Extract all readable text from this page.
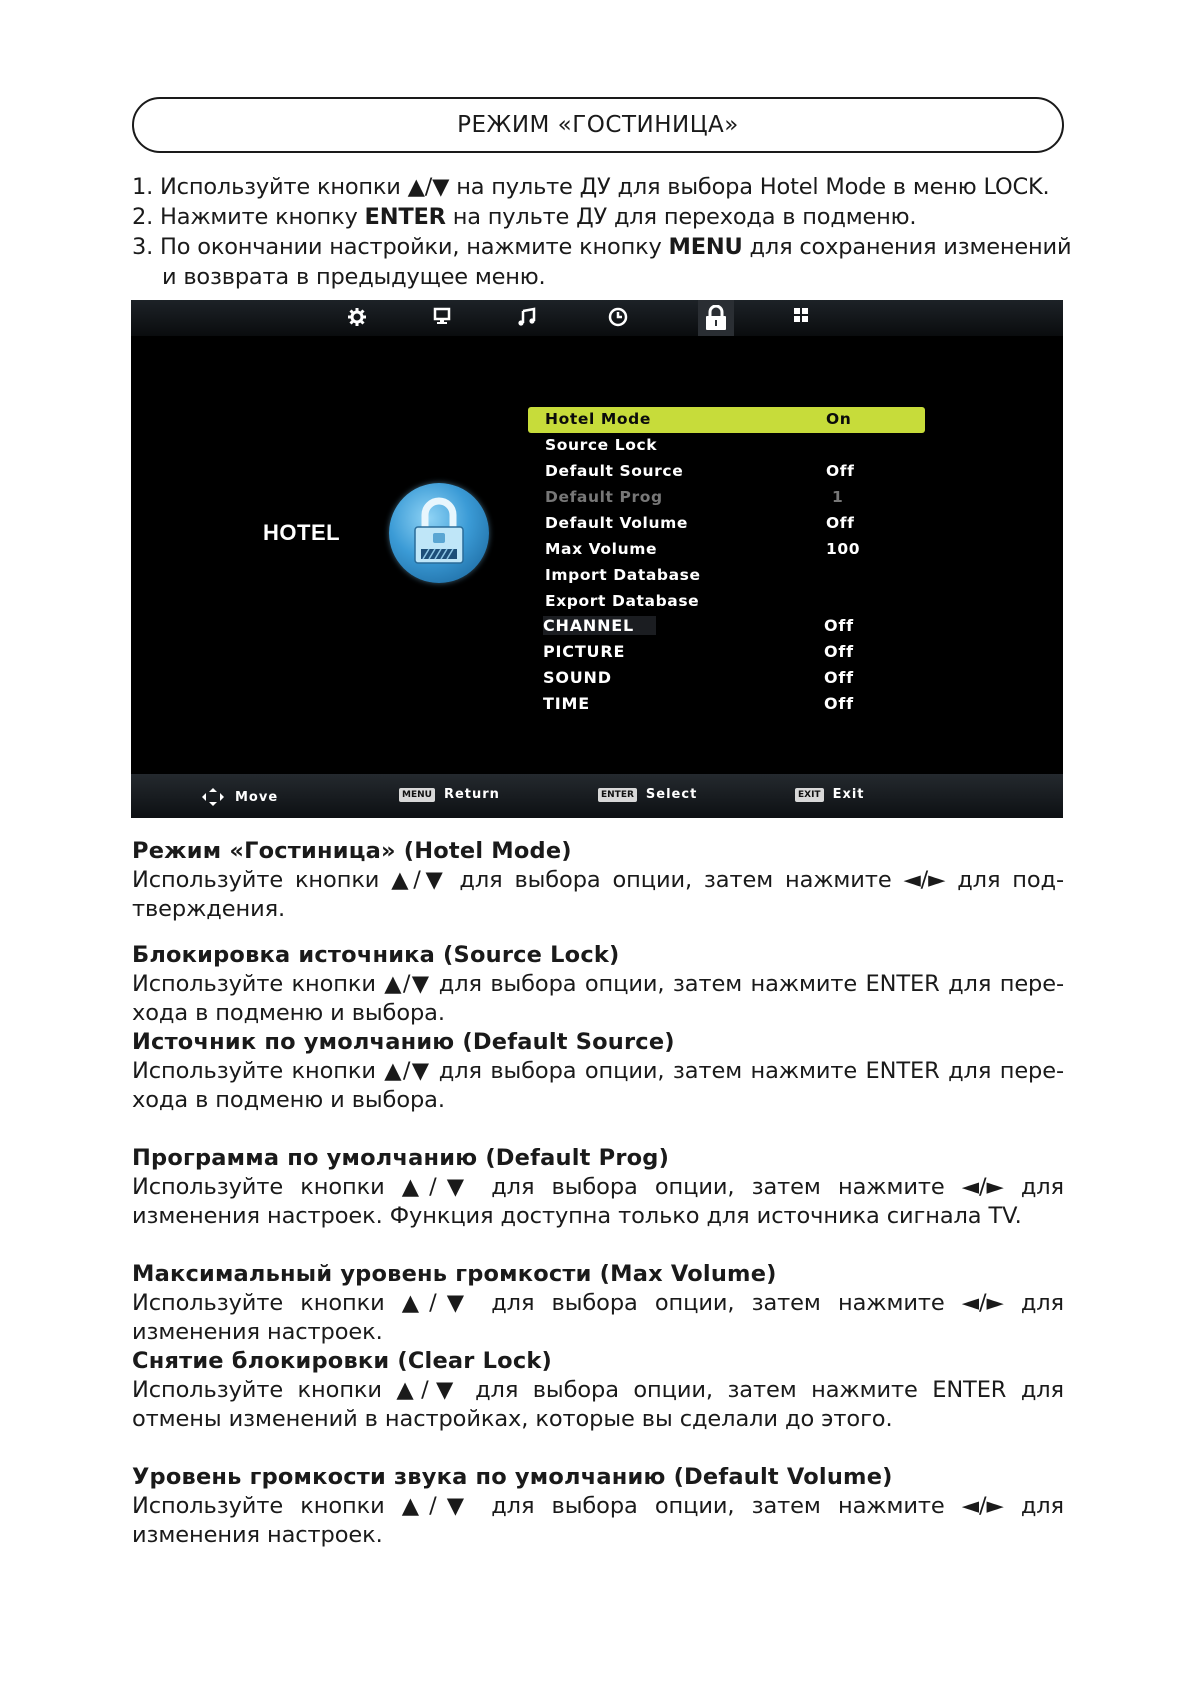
РЕЖИМ «ГОСТИНИЦА»
1. Используйте кнопки ▲/▼ на пульте ДУ для выбора Hotel Mode в меню LOCK.
2. Нажмите кнопку ENTER на пульте ДУ для перехода в подменю.
3. По окончании настройки, нажмите кнопку MENU для сохранения изменений
и возврата в предыдущее меню.
HOTEL
Hotel Mode	On
Source Lock
Default Source	Off
Default Prog	1
Default Volume	Off
Max Volume	100
Import Database
Export Database
CHANNEL	Off
PICTURE	Off
SOUND	Off
TIME	Off
Move	MENU Return	ENTER Select	EXIT Exit
Режим «Гостиница» (Hotel Mode)

Используйте кнопки ▲/▼ для выбора опции, затем нажмите ◄/► для под-тверждения.

Блокировка источника (Source Lock)

Используйте кнопки ▲/▼ для выбора опции, затем нажмите ENTER для пере-хода в подменю и выбора.

Источник по умолчанию (Default Source)

Используйте кнопки ▲/▼ для выбора опции, затем нажмите ENTER для пере-хода в подменю и выбора.

Программа по умолчанию (Default Prog)

Используйте кнопки ▲/▼ для выбора опции, затем нажмите ◄/► для изменения настроек. Функция доступна только для источника сигнала TV.

Максимальный уровень громкости (Max Volume)

Используйте кнопки ▲/▼ для выбора опции, затем нажмите ◄/► для изменения настроек.

Снятие блокировки (Clear Lock)

Используйте кнопки ▲/▼ для выбора опции, затем нажмите ENTER для отмены изменений в настройках, которые вы сделали до этого.

Уровень громкости звука по умолчанию (Default Volume)

Используйте кнопки ▲/▼ для выбора опции, затем нажмите ◄/► для изменения настроек.
